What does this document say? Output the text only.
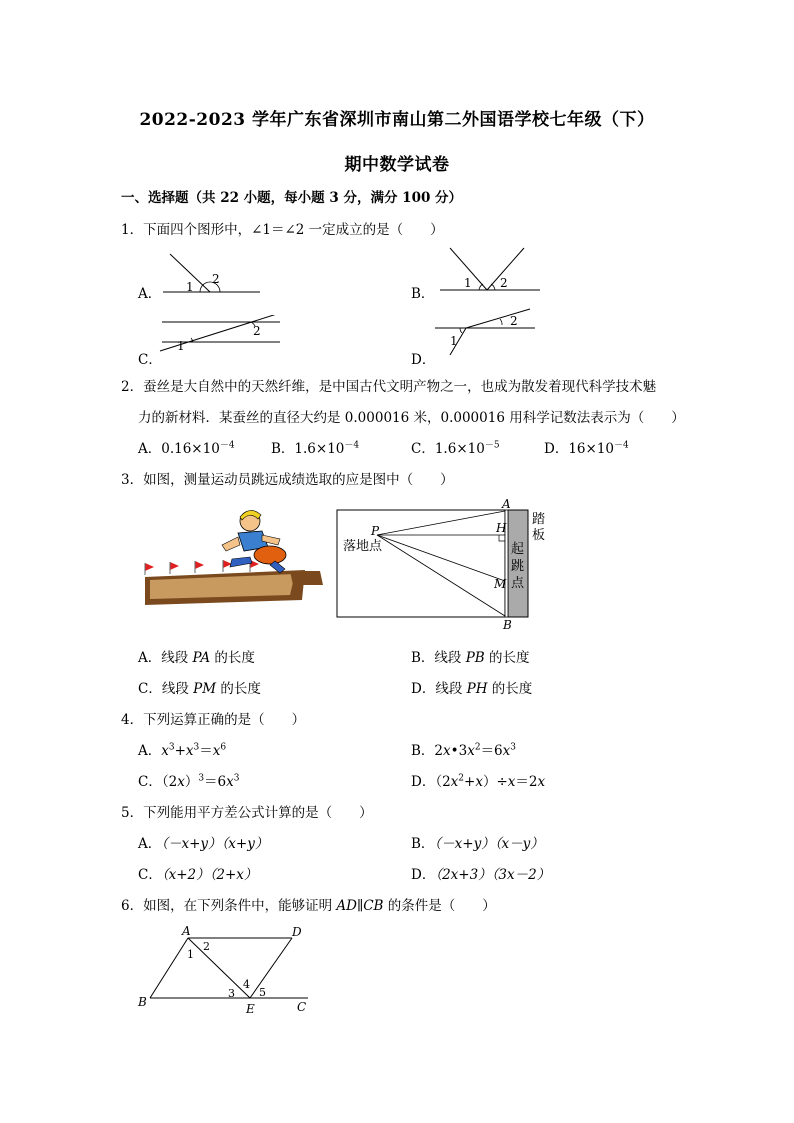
2022-2023 学年广东省深圳市南山第二外国语学校七年级（下）
期中数学试卷
一、选择题（共 22 小题，每小题 3 分，满分 100 分）
1．下面四个图形中，∠1＝∠2 一定成立的是（　　）
1
2
A．
1 2
B．
1
2
C．
1
2
D．
2．蚕丝是大自然中的天然纤维，是中国古代文明产物之一，也成为散发着现代科学技术魅
力的新材料．某蚕丝的直径大约是 0.000016 米，0.000016 用科学记数法表示为（　　）
A．$0.16\times 10^{-4}$	B．$1.6\times 10^{-4}$	C．$1.6\times 10^{-5}$	D．$16\times 10^{-4}$
3．如图，测量运动员跳远成绩选取的应是图中（　　）
P
A
B
H
M
落地点
踏
板
起
跳
点
A．线段 PA 的长度	B．线段 PB 的长度
C．线段 PM 的长度	D．线段 PH 的长度
4．下列运算正确的是（　　）
A．$x^3+x^3=x^6$	B．$2x•3x^2=6x^3$
C．$(2x)^3=6x^3$	D．$(2x^2+x)\div x=2x$
5．下列能用平方差公式计算的是（　　）
A．（－x+y）（x+y）	B．（－x+y）（x－y）
C．（x+2）（2+x）	D．（2x+3）（3x－2）
6．如图，在下列条件中，能够证明 AD∥CB 的条件是（　　）
A	D
B	E	C
1
2
3
4
5
